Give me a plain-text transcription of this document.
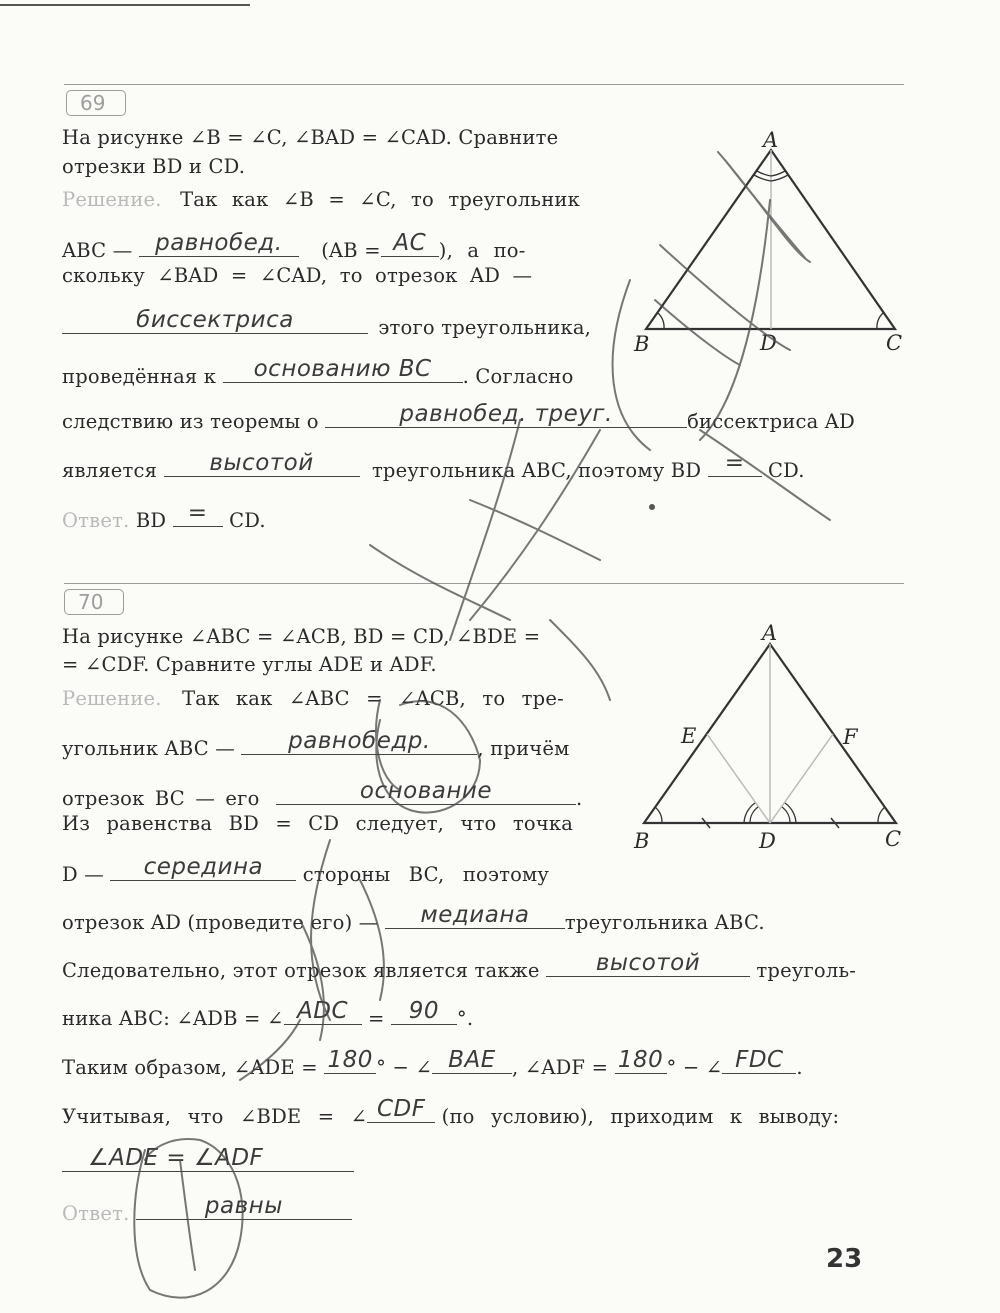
69
На рисунке ∠B = ∠C, ∠BAD = ∠CAD. Сравните
отрезки BD и CD.
Решение. Так как ∠B = ∠C, то треугольник
ABC — равнобед.	(AB = AC ), а по-
скольку ∠BAD = ∠CAD, то отрезок AD —
биссектриса	этого треугольника,
проведённая к	основанию BC	. Согласно
следствию из теоремы о	равнобед. треуг.	биссектриса AD
является	высотой	треугольника ABC, поэтому BD	=	CD.
Ответ. BD =	CD.
A
B	C
D
70
На рисунке ∠ABC = ∠ACB, BD = CD, ∠BDE =
= ∠CDF. Сравните углы ADE и ADF.
Решение. Так как ∠ABC = ∠ACB, то тре-
угольник ABC —	равнобедр.	, причём
отрезок BC — его	основание	.
Из равенства BD = CD следует, что точка
D —	середина	стороны BC, поэтому
отрезок AD (проведите его) —	медиана	треугольника ABC.
Следовательно, этот отрезок является также	высотой	треуголь-
ника ABC: ∠ADB = ∠ ADC	=	90 °.
Таким образом, ∠ADE = 180 ° − ∠ BAE , ∠ADF = 180 ° − ∠ FDC .
Учитывая, что ∠BDE = ∠ CDF (по условию), приходим к выводу:
∠ADE = ∠ADF
Ответ.	равны
A
B	C
D
E	F
23
